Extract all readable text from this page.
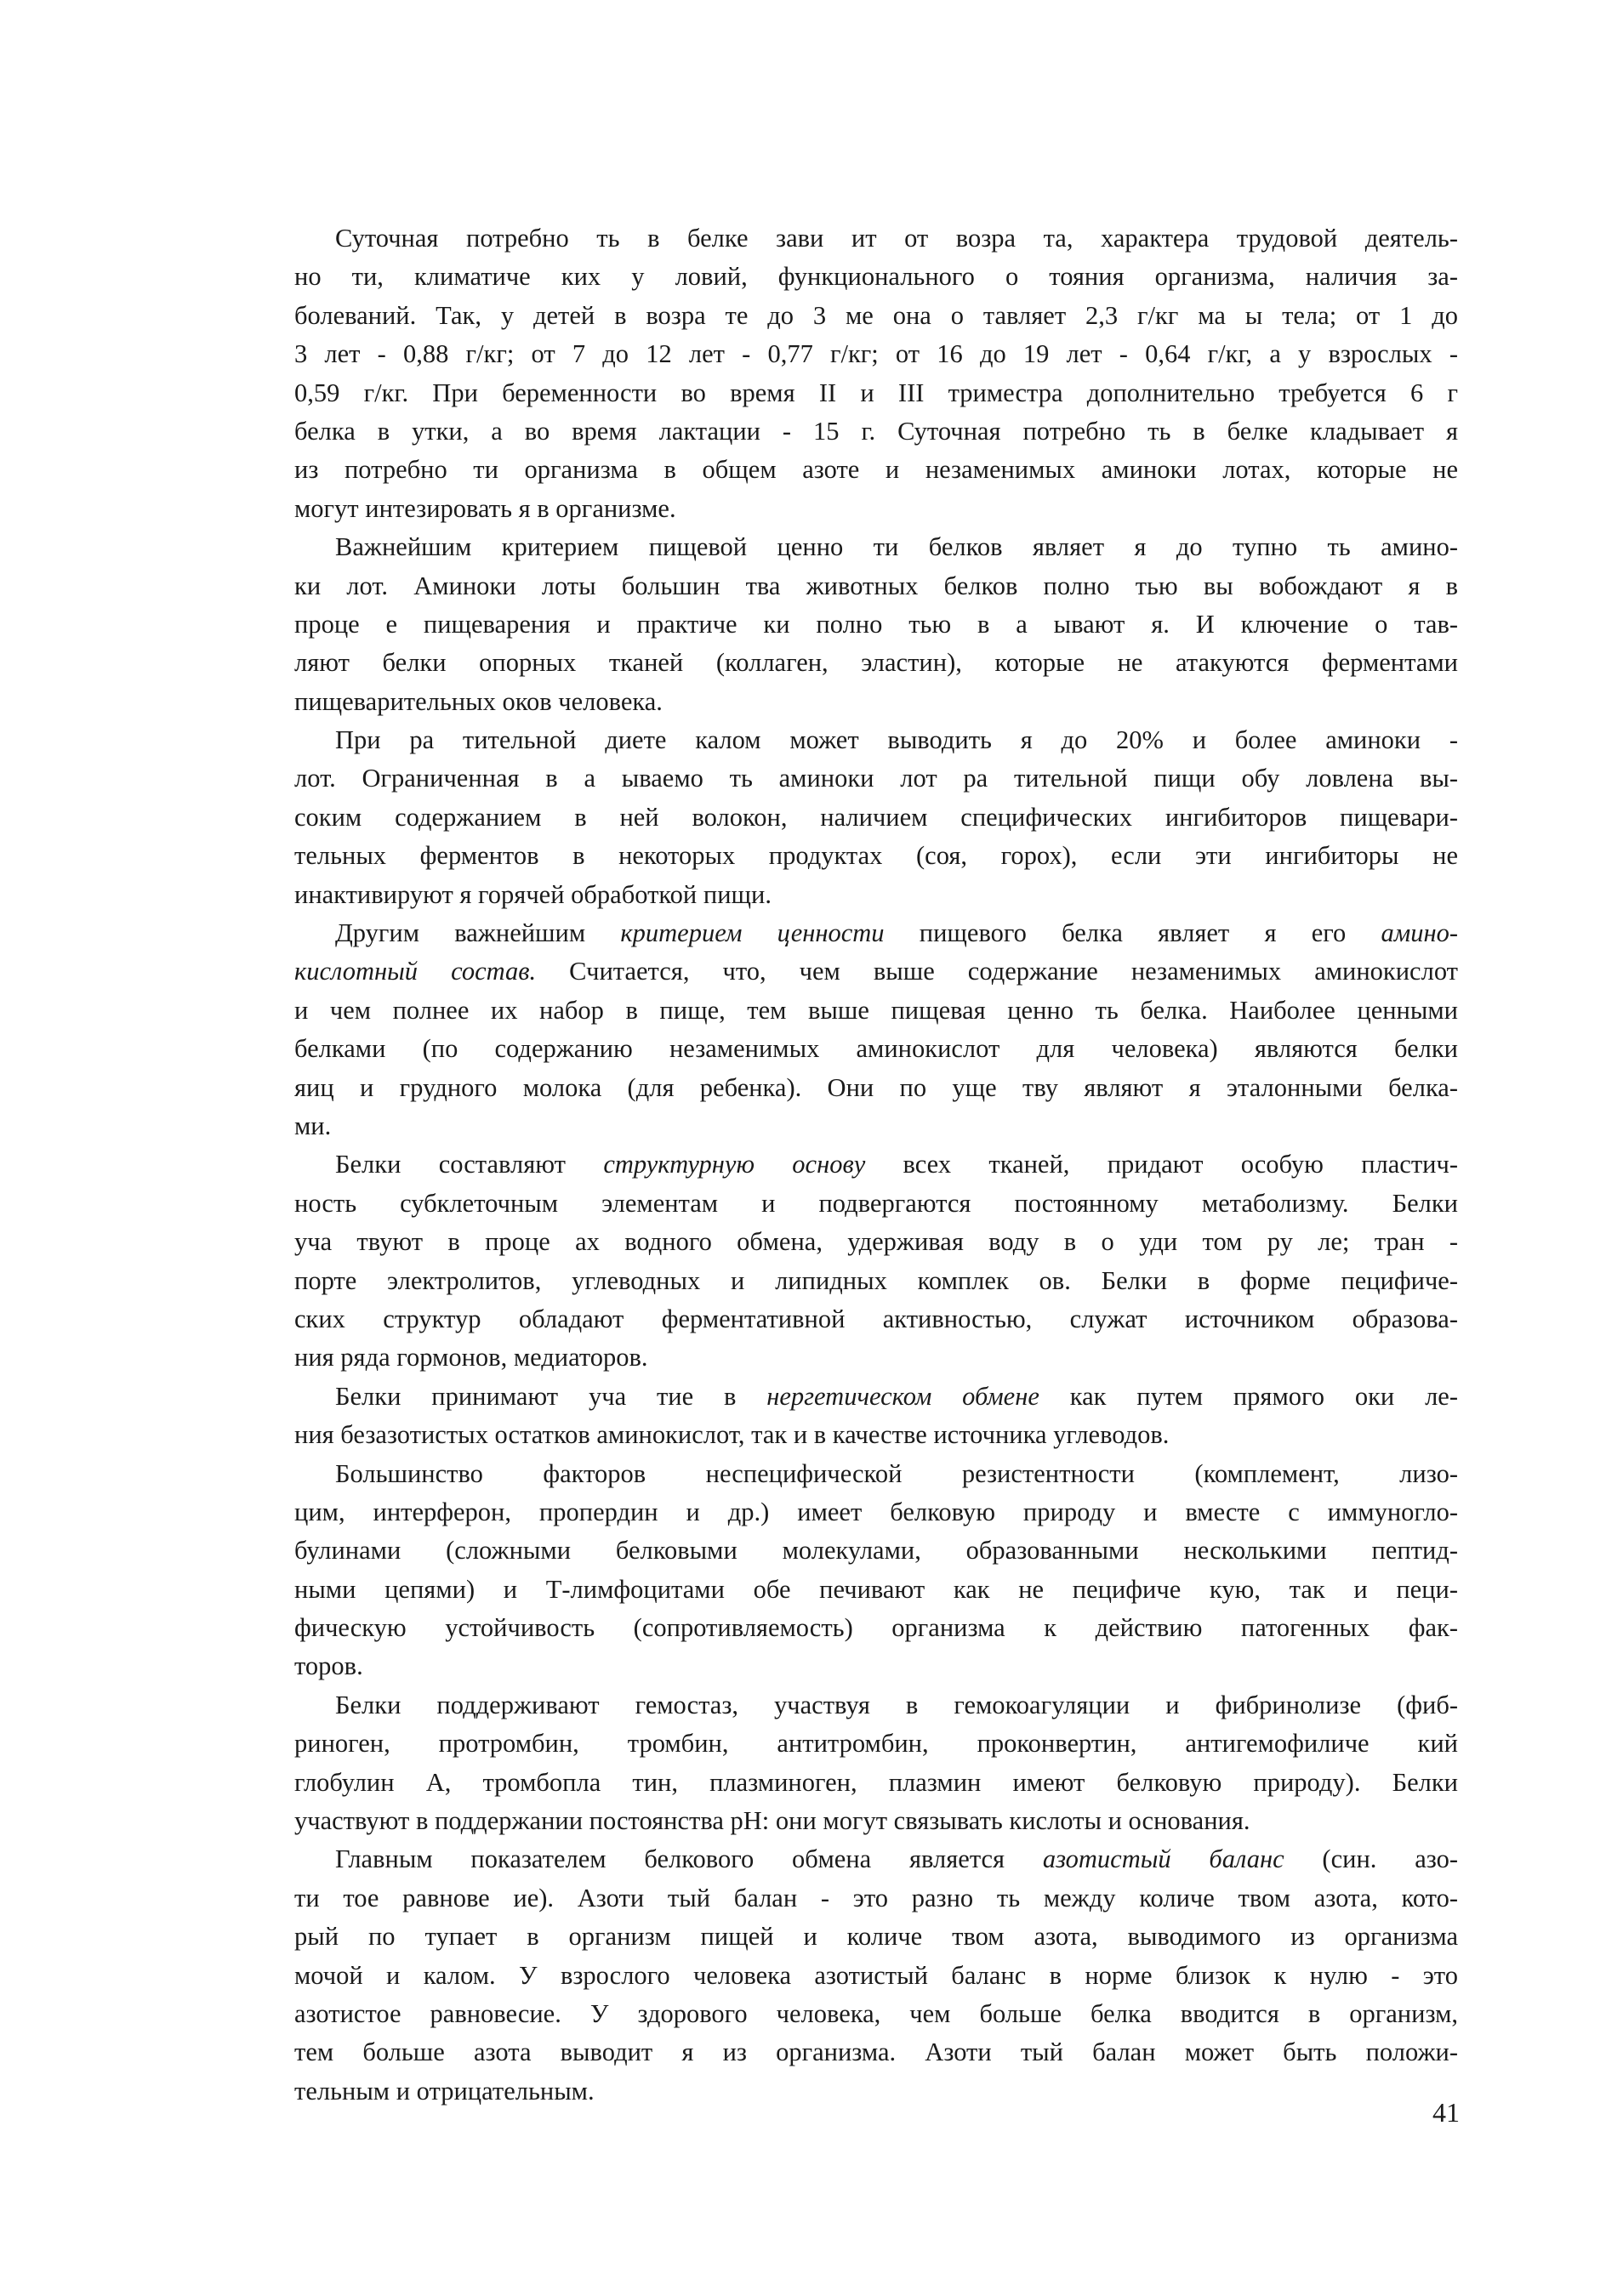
Суточная потребно ть в белке зави ит от возра та, характера трудовой деятель-
но ти, климатиче ких у ловий, функционального о тояния организма, наличия за-
болеваний. Так, у детей в возра те до 3 ме она о тавляет 2,3 г/кг ма ы тела; от 1 до
3 лет - 0,88 г/кг; от 7 до 12 лет - 0,77 г/кг; от 16 до 19 лет - 0,64 г/кг, а у взрослых -
0,59 г/кг. При беременности во время II и III триместра дополнительно требуется 6 г
белка в утки, а во время лактации - 15 г. Суточная потребно ть в белке кладывает я
из потребно ти организма в общем азоте и незаменимых аминоки лотах, которые не
могут интезировать я в организме.
Важнейшим критерием пищевой ценно ти белков являет я до тупно ть амино-
ки лот. Аминоки лоты большин тва животных белков полно тью вы вобождают я в
проце е пищеварения и практиче ки полно тью в а ывают я. И ключение о тав-
ляют белки опорных тканей (коллаген, эластин), которые не атакуются ферментами
пищеварительных оков человека.
При ра тительной диете калом может выводить я до 20% и более аминоки -
лот. Ограниченная в а ываемо ть аминоки лот ра тительной пищи обу ловлена вы-
соким содержанием в ней волокон, наличием специфических ингибиторов пищевари-
тельных ферментов в некоторых продуктах (соя, горох), если эти ингибиторы не
инактивируют я горячей обработкой пищи.
Другим важнейшим критерием ценности пищевого белка являет я его амино-
кислотный состав. Считается, что, чем выше содержание незаменимых аминокислот
и чем полнее их набор в пище, тем выше пищевая ценно ть белка. Наиболее ценными
белками (по содержанию незаменимых аминокислот для человека) являются белки
яиц и грудного молока (для ребенка). Они по уще тву являют я эталонными белка-
ми.
Белки составляют структурную основу всех тканей, придают особую пластич-
ность субклеточным элементам и подвергаются постоянному метаболизму. Белки
уча твуют в проце ах водного обмена, удерживая воду в о уди том ру ле; тран -
порте электролитов, углеводных и липидных комплек ов. Белки в форме пецифиче-
ских структур обладают ферментативной активностью, служат источником образова-
ния ряда гормонов, медиаторов.
Белки принимают уча тие в нергетическом обмене как путем прямого оки ле-
ния безазотистых остатков аминокислот, так и в качестве источника углеводов.
Большинство факторов неспецифической резистентности (комплемент, лизо-
цим, интерферон, пропердин и др.) имеет белковую природу и вместе с иммуногло-
булинами (сложными белковыми молекулами, образованными несколькими пептид-
ными цепями) и Т-лимфоцитами обе печивают как не пецифиче кую, так и пеци-
фическую устойчивость (сопротивляемость) организма к действию патогенных фак-
торов.
Белки поддерживают гемостаз, участвуя в гемокоагуляции и фибринолизе (фиб-
риноген, протромбин, тромбин, антитромбин, проконвертин, антигемофиличе кий
глобулин А, тромбопла тин, плазминоген, плазмин имеют белковую природу). Белки
участвуют в поддержании постоянства рН: они могут связывать кислоты и основания.
Главным показателем белкового обмена является азотистый баланс (син. азо-
ти тое равнове ие). Азоти тый балан - это разно ть между количе твом азота, кото-
рый по тупает в организм пищей и количе твом азота, выводимого из организма
мочой и калом. У взрослого человека азотистый баланс в норме близок к нулю - это
азотистое равновесие. У здорового человека, чем больше белка вводится в организм,
тем больше азота выводит я из организма. Азоти тый балан может быть положи-
тельным и отрицательным.
41
